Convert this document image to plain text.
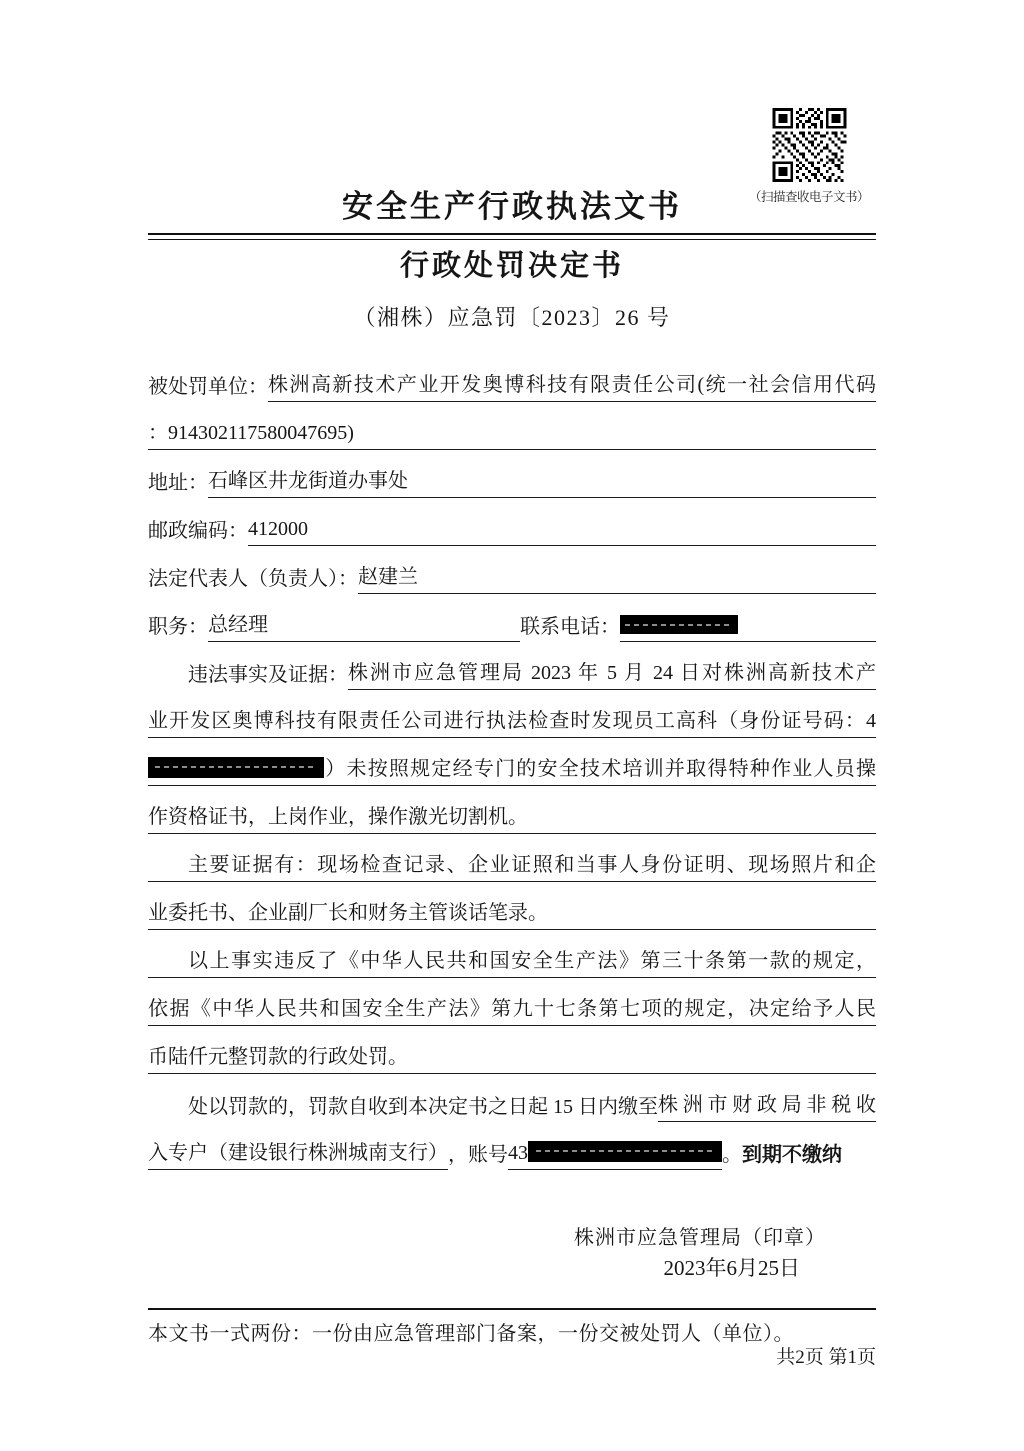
（扫描查收电子文书）
安全生产行政执法文书
行政处罚决定书
（湘株）应急罚〔2023〕26 号
被处罚单位： 株洲高新技术产业开发奥博科技有限责任公司(统一社会信用代码
：914302117580047695)
地址： 石峰区井龙街道办事处
邮政编码： 412000
法定代表人（负责人）： 赵建兰
职务： 总经理	联系电话：
违法事实及证据： 株洲市应急管理局 2023 年 5 月 24 日对株洲高新技术产
业开发区奥博科技有限责任公司进行执法检查时发现员工高科（身份证号码：4
）未按照规定经专门的安全技术培训并取得特种作业人员操
作资格证书，上岗作业，操作激光切割机。
主要证据有：现场检查记录、企业证照和当事人身份证明、现场照片和企
业委托书、企业副厂长和财务主管谈话笔录。
以上事实违反了《中华人民共和国安全生产法》第三十条第一款的规定，
依据《中华人民共和国安全生产法》第九十七条第七项的规定，决定给予人民
币陆仟元整罚款的行政处罚。
处以罚款的，罚款自收到本决定书之日起 15 日内缴至 株洲市财政局非税收
入专户（建设银行株洲城南支行） ，账号 43	。 到期不缴纳
株洲市应急管理局（印章）
2023年6月25日
本文书一式两份：一份由应急管理部门备案，一份交被处罚人（单位）。
共2页 第1页
